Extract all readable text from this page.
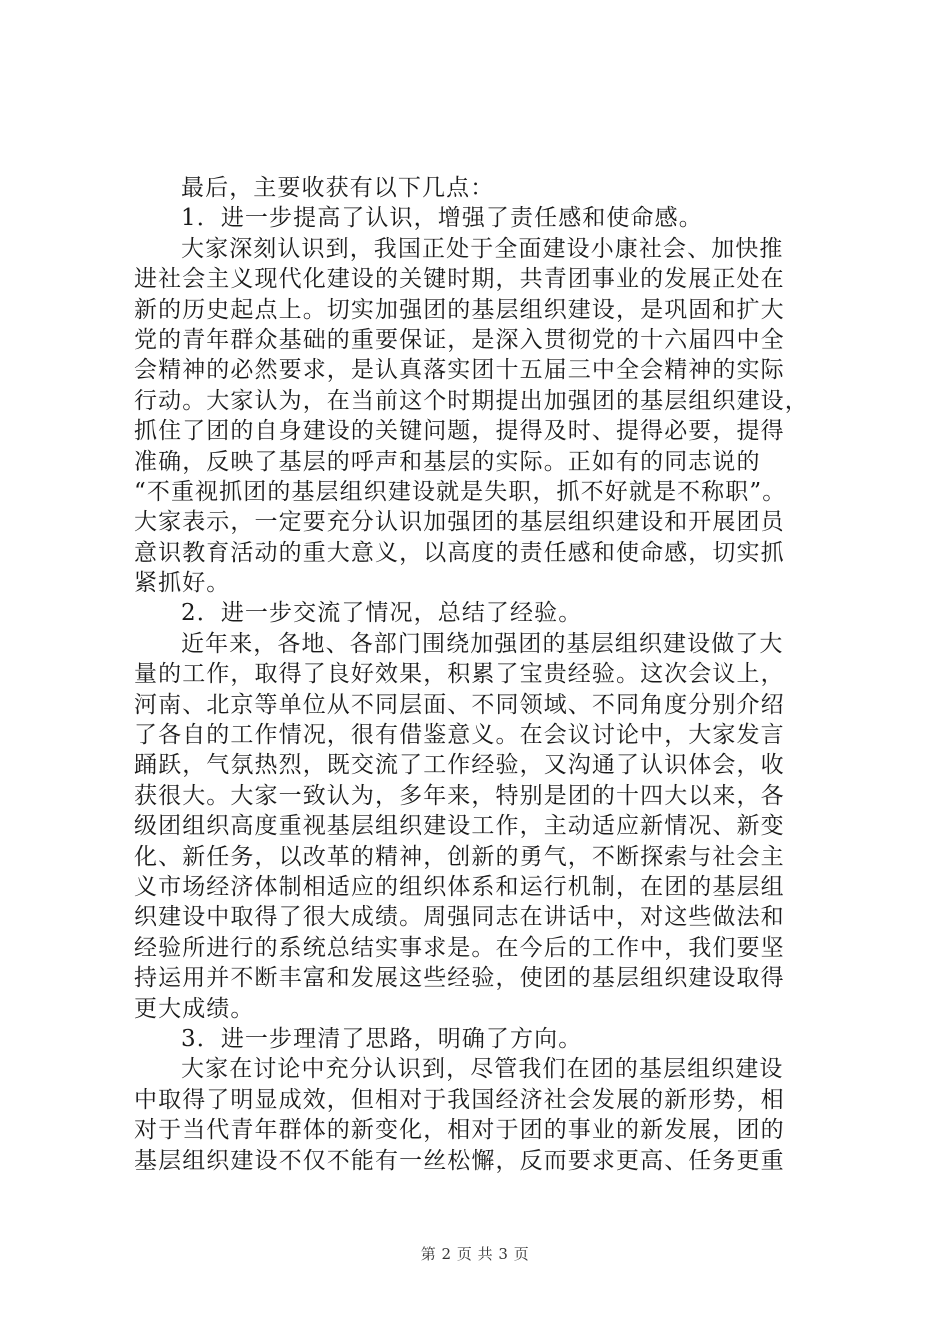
最后，主要收获有以下几点：
1．进一步提高了认识，增强了责任感和使命感。
大家深刻认识到，我国正处于全面建设小康社会、加快推
进社会主义现代化建设的关键时期，共青团事业的发展正处在
新的历史起点上。切实加强团的基层组织建设，是巩固和扩大
党的青年群众基础的重要保证，是深入贯彻党的十六届四中全
会精神的必然要求，是认真落实团十五届三中全会精神的实际
行动。大家认为，在当前这个时期提出加强团的基层组织建设，
抓住了团的自身建设的关键问题，提得及时、提得必要，提得
准确，反映了基层的呼声和基层的实际。正如有的同志说的
“不重视抓团的基层组织建设就是失职，抓不好就是不称职”。
大家表示，一定要充分认识加强团的基层组织建设和开展团员
意识教育活动的重大意义，以高度的责任感和使命感，切实抓
紧抓好。
2．进一步交流了情况，总结了经验。
近年来，各地、各部门围绕加强团的基层组织建设做了大
量的工作，取得了良好效果，积累了宝贵经验。这次会议上，
河南、北京等单位从不同层面、不同领域、不同角度分别介绍
了各自的工作情况，很有借鉴意义。在会议讨论中，大家发言
踊跃，气氛热烈，既交流了工作经验，又沟通了认识体会，收
获很大。大家一致认为，多年来，特别是团的十四大以来，各
级团组织高度重视基层组织建设工作，主动适应新情况、新变
化、新任务，以改革的精神，创新的勇气，不断探索与社会主
义市场经济体制相适应的组织体系和运行机制，在团的基层组
织建设中取得了很大成绩。周强同志在讲话中，对这些做法和
经验所进行的系统总结实事求是。在今后的工作中，我们要坚
持运用并不断丰富和发展这些经验，使团的基层组织建设取得
更大成绩。
3．进一步理清了思路，明确了方向。
大家在讨论中充分认识到，尽管我们在团的基层组织建设
中取得了明显成效，但相对于我国经济社会发展的新形势，相
对于当代青年群体的新变化，相对于团的事业的新发展，团的
基层组织建设不仅不能有一丝松懈，反而要求更高、任务更重
第 2 页 共 3 页
